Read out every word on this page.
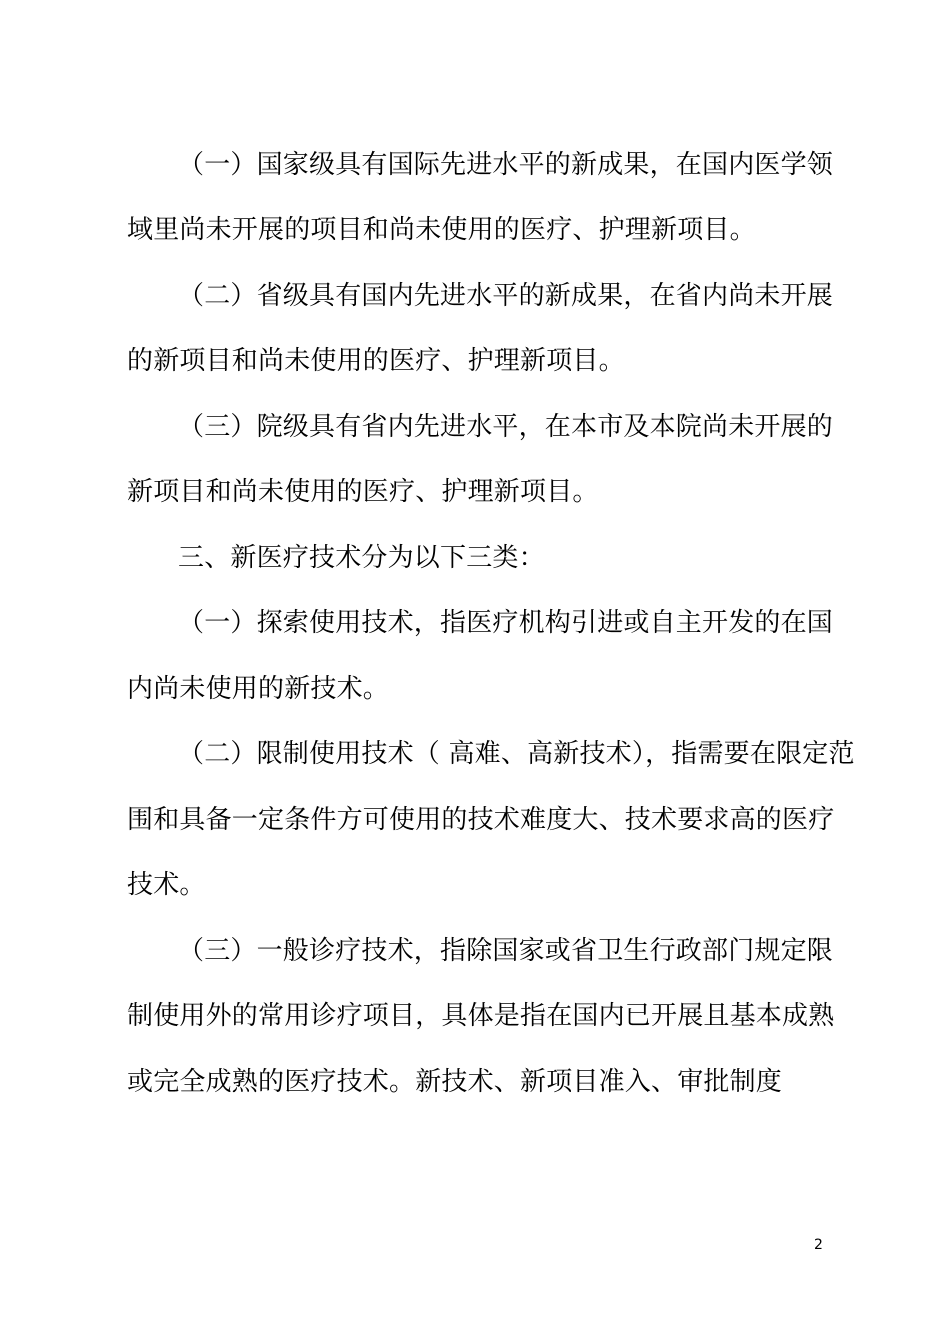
（一）国家级具有国际先进水平的新成果，在国内医学领
域里尚未开展的项目和尚未使用的医疗、护理新项目。
（二）省级具有国内先进水平的新成果，在省内尚未开展
的新项目和尚未使用的医疗、护理新项目。
（三）院级具有省内先进水平，在本市及本院尚未开展的
新项目和尚未使用的医疗、护理新项目。
三、新医疗技术分为以下三类：
（一）探索使用技术，指医疗机构引进或自主开发的在国
内尚未使用的新技术。
（二）限制使用技术（ 高难、高新技术），指需要在限定范
围和具备一定条件方可使用的技术难度大、技术要求高的医疗
技术。
（三）一般诊疗技术，指除国家或省卫生行政部门规定限
制使用外的常用诊疗项目，具体是指在国内已开展且基本成熟
或完全成熟的医疗技术。新技术、新项目准入、审批制度
2
